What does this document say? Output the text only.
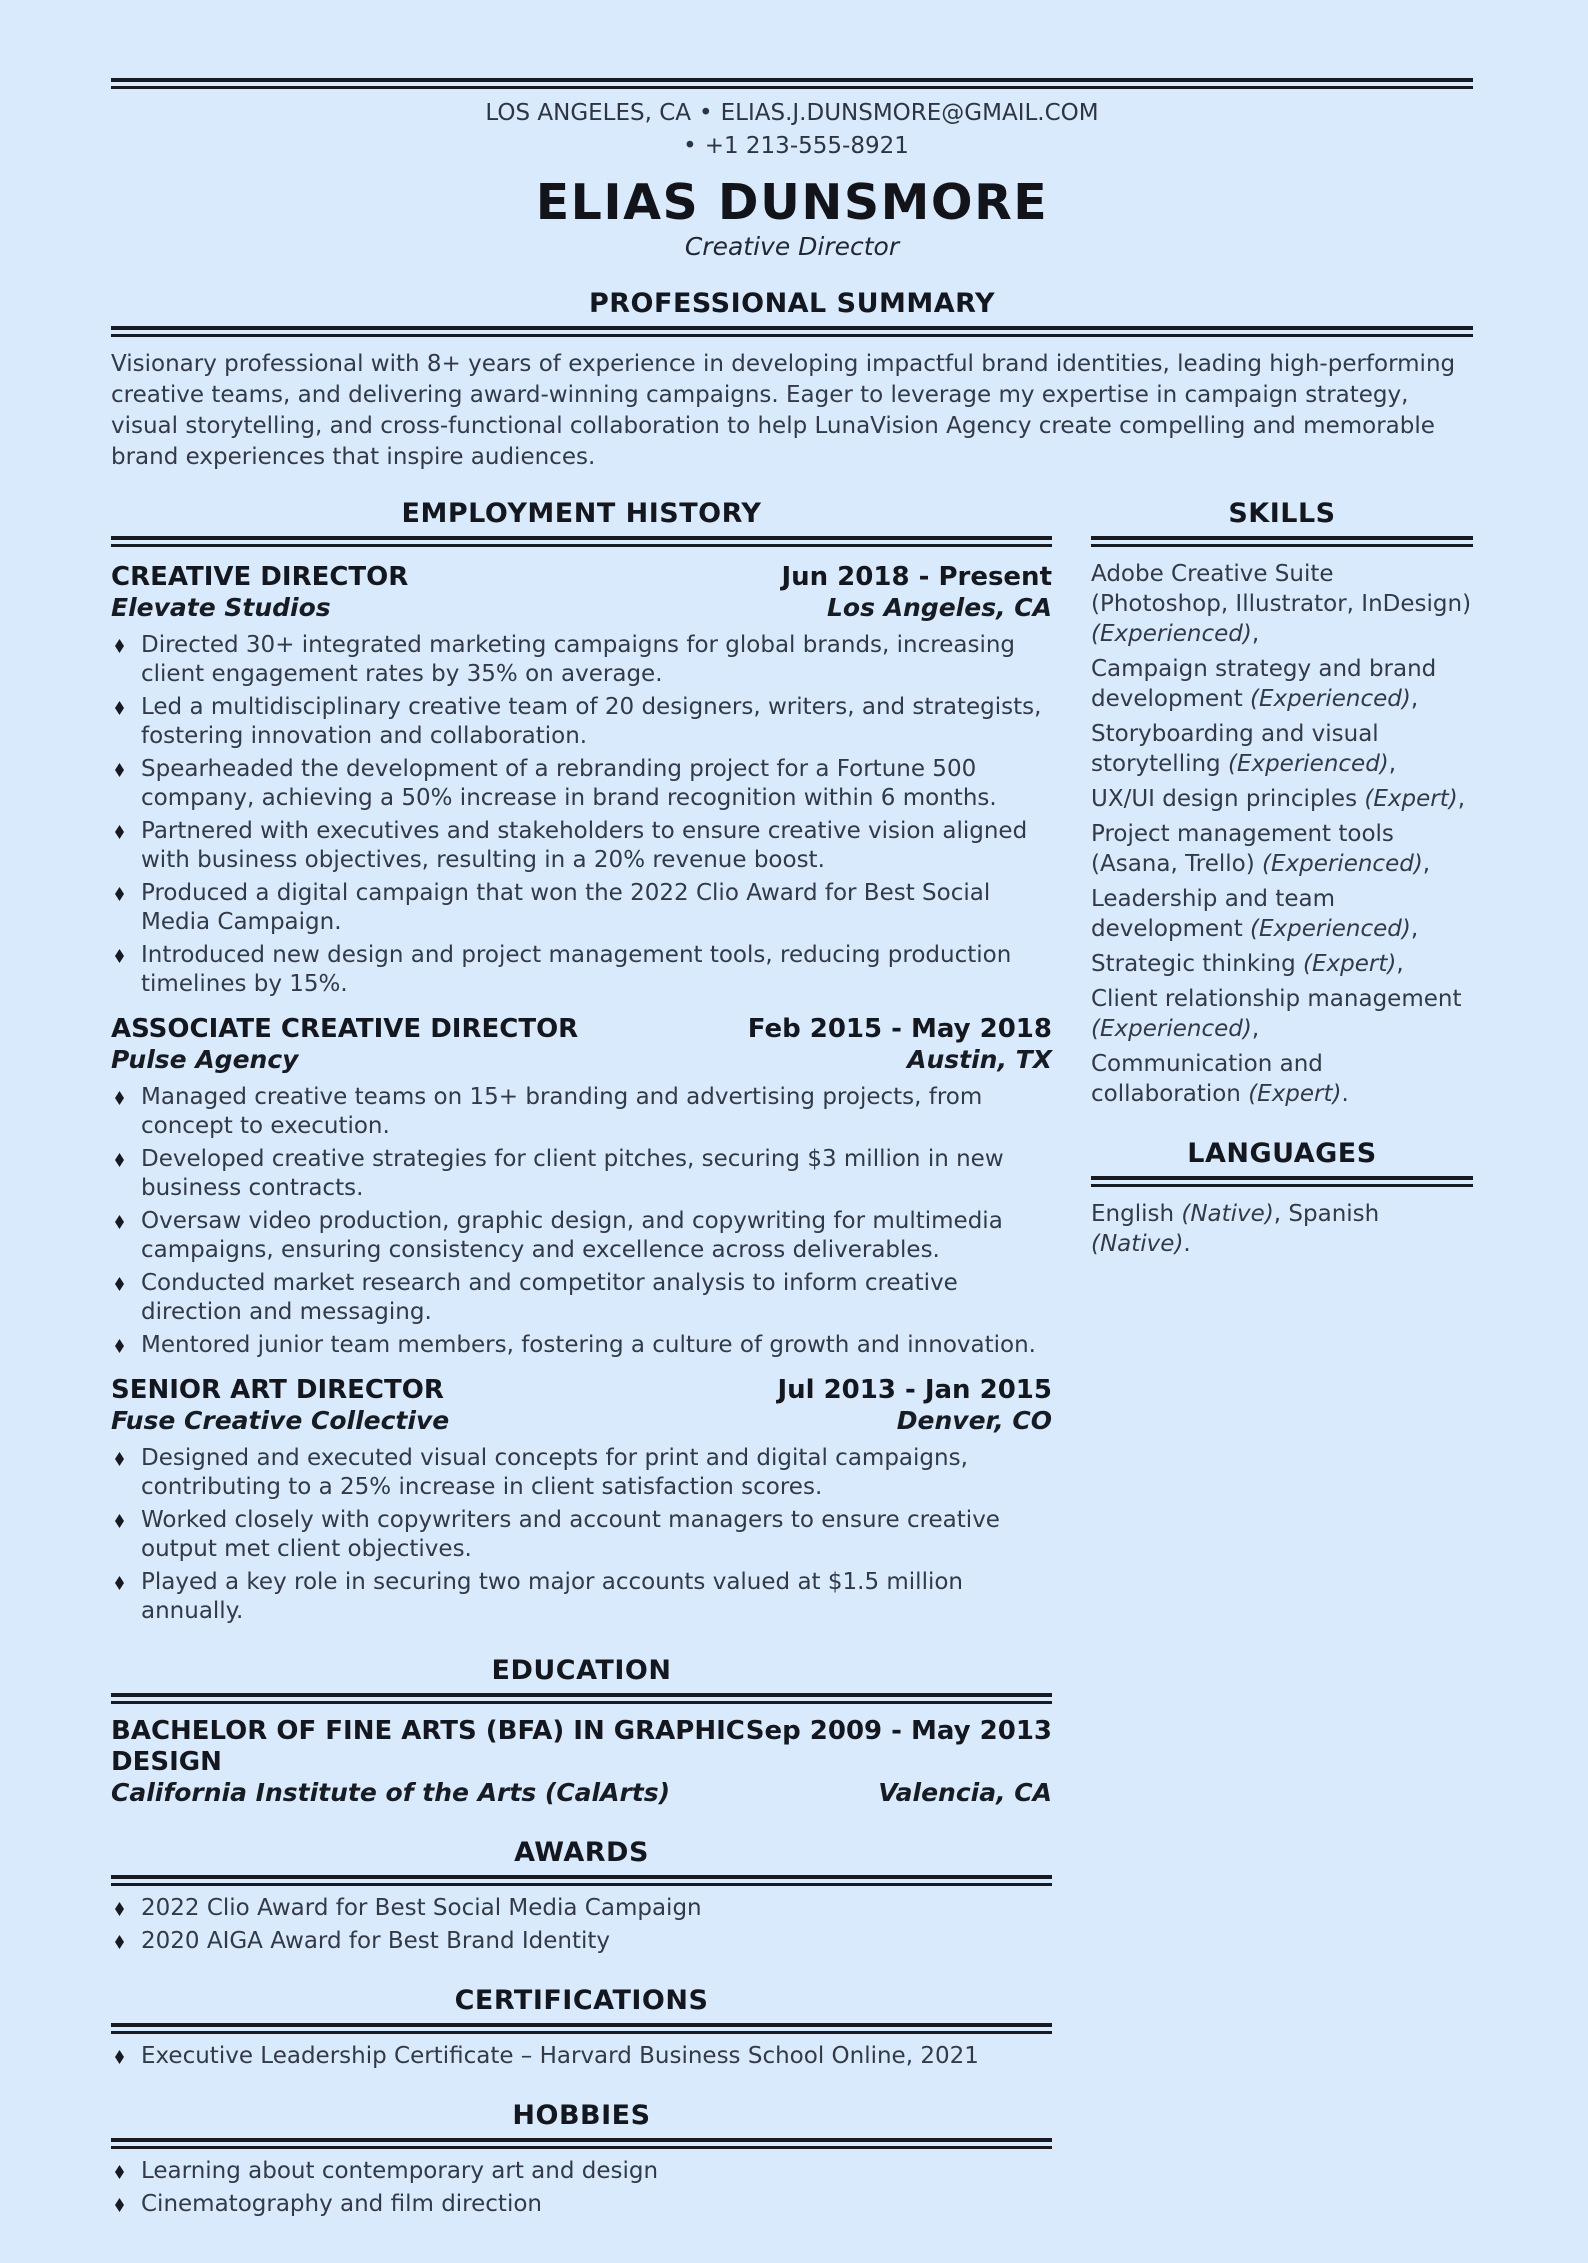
LOS ANGELES, CA • ELIAS.J.DUNSMORE@GMAIL.COM
• +1 213-555-8921
ELIAS DUNSMORE
Creative Director
PROFESSIONAL SUMMARY

Visionary professional with 8+ years of experience in developing impactful brand identities, leading high-performing creative teams, and delivering award-winning campaigns. Eager to leverage my expertise in campaign strategy, visual storytelling, and cross-functional collaboration to help LunaVision Agency create compelling and memorable brand experiences that inspire audiences.

EMPLOYMENT HISTORY
CREATIVE DIRECTOR	Jun 2018 - Present
Elevate Studios	Los Angeles, CA
Directed 30+ integrated marketing campaigns for global brands, increasing client engagement rates by 35% on average.
Led a multidisciplinary creative team of 20 designers, writers, and strategists, fostering innovation and collaboration.
Spearheaded the development of a rebranding project for a Fortune 500 company, achieving a 50% increase in brand recognition within 6 months.
Partnered with executives and stakeholders to ensure creative vision aligned with business objectives, resulting in a 20% revenue boost.
Produced a digital campaign that won the 2022 Clio Award for Best Social Media Campaign.
Introduced new design and project management tools, reducing production timelines by 15%.
ASSOCIATE CREATIVE DIRECTOR	Feb 2015 - May 2018
Pulse Agency	Austin, TX
Managed creative teams on 15+ branding and advertising projects, from concept to execution.
Developed creative strategies for client pitches, securing $3 million in new business contracts.
Oversaw video production, graphic design, and copywriting for multimedia campaigns, ensuring consistency and excellence across deliverables.
Conducted market research and competitor analysis to inform creative direction and messaging.
Mentored junior team members, fostering a culture of growth and innovation.
SENIOR ART DIRECTOR	Jul 2013 - Jan 2015
Fuse Creative Collective	Denver, CO
Designed and executed visual concepts for print and digital campaigns, contributing to a 25% increase in client satisfaction scores.
Worked closely with copywriters and account managers to ensure creative output met client objectives.
Played a key role in securing two major accounts valued at $1.5 million annually.
EDUCATION
BACHELOR OF FINE ARTS (BFA) IN GRAPHIC DESIGN
Sep 2009 - May 2013
California Institute of the Arts (CalArts)	Valencia, CA
AWARDS
2022 Clio Award for Best Social Media Campaign
2020 AIGA Award for Best Brand Identity
CERTIFICATIONS
Executive Leadership Certificate – Harvard Business School Online, 2021
HOBBIES
Learning about contemporary art and design
Cinematography and film direction
SKILLS
Adobe Creative Suite (Photoshop, Illustrator, InDesign) (Experienced),
Campaign strategy and brand development (Experienced),
Storyboarding and visual storytelling (Experienced),
UX/UI design principles (Expert),
Project management tools (Asana, Trello) (Experienced),
Leadership and team development (Experienced),
Strategic thinking (Expert),
Client relationship management (Experienced),
Communication and collaboration (Expert).
LANGUAGES
English (Native), Spanish (Native).
